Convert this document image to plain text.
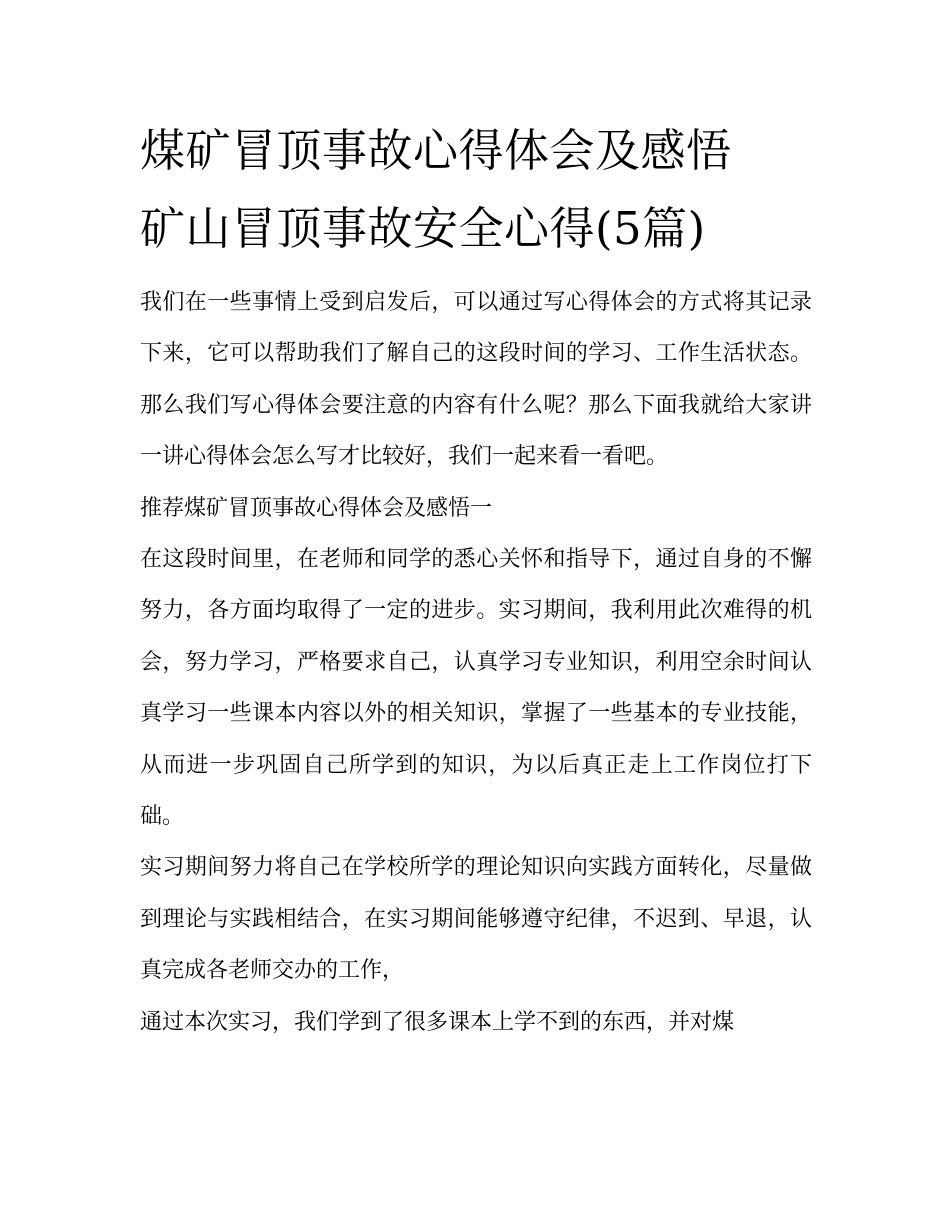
煤矿冒顶事故心得体会及感悟
矿山冒顶事故安全心得(5篇)

我们在一些事情上受到启发后，可以通过写心得体会的方式将其记录下来，它可以帮助我们了解自己的这段时间的学习、工作生活状态。那么我们写心得体会要注意的内容有什么呢？那么下面我就给大家讲一讲心得体会怎么写才比较好，我们一起来看一看吧。

推荐煤矿冒顶事故心得体会及感悟一

在这段时间里，在老师和同学的悉心关怀和指导下，通过自身的不懈努力，各方面均取得了一定的进步。实习期间，我利用此次难得的机会，努力学习，严格要求自己，认真学习专业知识，利用空余时间认真学习一些课本内容以外的相关知识，掌握了一些基本的专业技能，从而进一步巩固自己所学到的知识，为以后真正走上工作岗位打下础。

实习期间努力将自己在学校所学的理论知识向实践方面转化，尽量做到理论与实践相结合，在实习期间能够遵守纪律，不迟到、早退，认真完成各老师交办的工作，

通过本次实习，我们学到了很多课本上学不到的东西，并对煤
